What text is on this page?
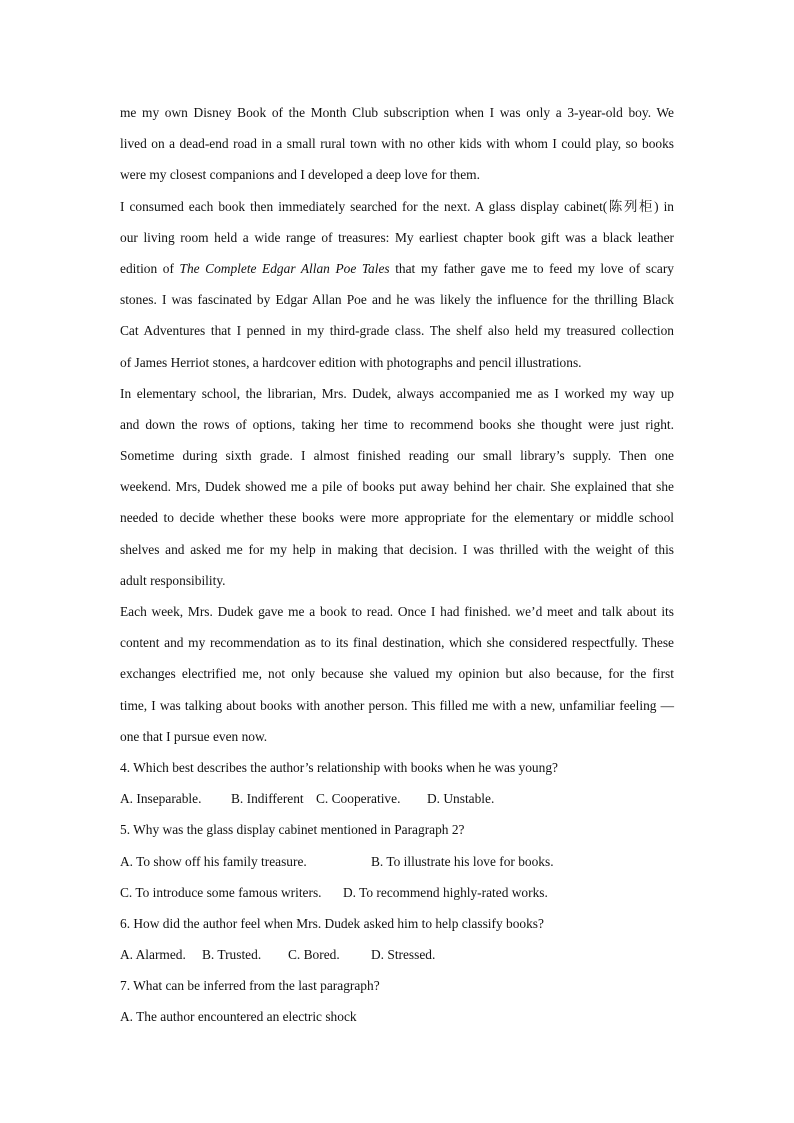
me my own Disney Book of the Month Club subscription when I was only a 3-year-old boy. We
lived on a dead-end road in a small rural town with no other kids with whom I could play, so books
were my closest companions and I developed a deep love for them.
I consumed each book then immediately searched for the next. A glass display cabinet(陈列柜) in
our living room held a wide range of treasures: My earliest chapter book gift was a black leather
edition of The Complete Edgar Allan Poe Tales that my father gave me to feed my love of scary
stones. I was fascinated by Edgar Allan Poe and he was likely the influence for the thrilling Black
Cat Adventures that I penned in my third-grade class. The shelf also held my treasured collection
of James Herriot stones, a hardcover edition with photographs and pencil illustrations.
In elementary school, the librarian, Mrs. Dudek, always accompanied me as I worked my way up
and down the rows of options, taking her time to recommend books she thought were just right.
Sometime during sixth grade. I almost finished reading our small library’s supply. Then one
weekend. Mrs, Dudek showed me a pile of books put away behind her chair. She explained that she
needed to decide whether these books were more appropriate for the elementary or middle school
shelves and asked me for my help in making that decision. I was thrilled with the weight of this
adult responsibility.
Each week, Mrs. Dudek gave me a book to read. Once I had finished. we’d meet and talk about its
content and my recommendation as to its final destination, which she considered respectfully. These
exchanges electrified me, not only because she valued my opinion but also because, for the first
time, I was talking about books with another person. This filled me with a new, unfamiliar feeling —
one that I pursue even now.

4. Which best describes the author’s relationship with books when he was young?

A. Inseparable. B. Indifferent C. Cooperative. D. Unstable.

5. Why was the glass display cabinet mentioned in Paragraph 2?

A. To show off his family treasure.	B. To illustrate his love for books.
C. To introduce some famous writers. D. To recommend highly-rated works.

6. How did the author feel when Mrs. Dudek asked him to help classify books?

A. Alarmed. B. Trusted. C. Bored. D. Stressed.

7. What can be inferred from the last paragraph?

A. The author encountered an electric shock
